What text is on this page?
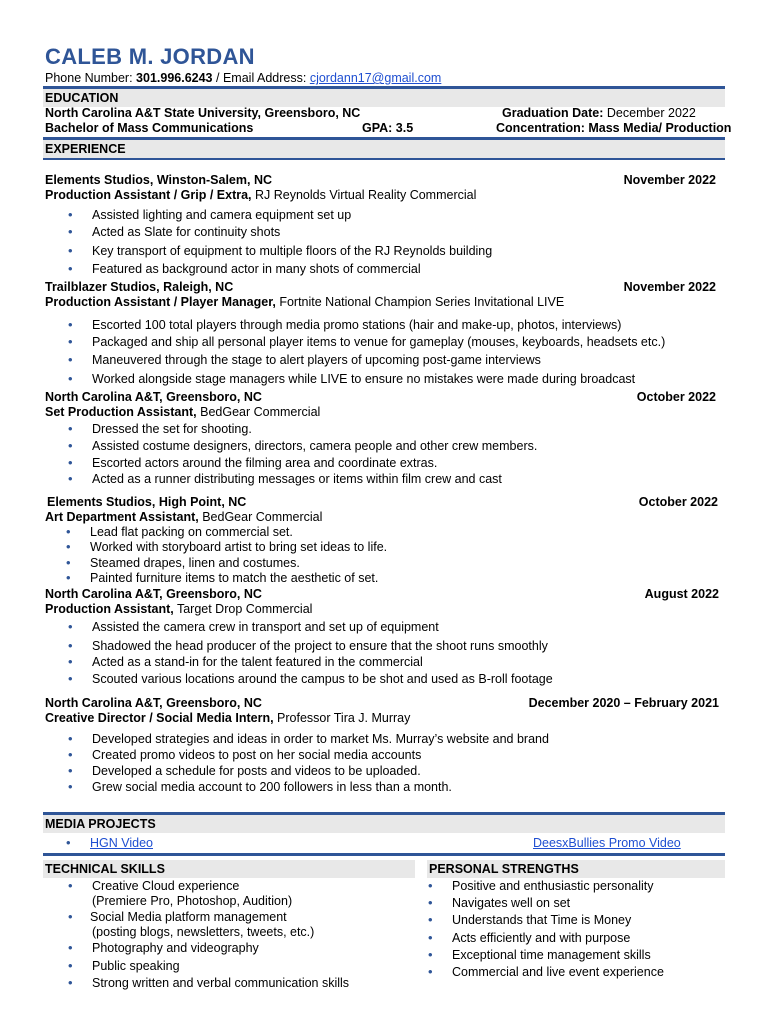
CALEB M. JORDAN
Phone Number: 301.996.6243 / Email Address: cjordann17@gmail.com
EDUCATION
North Carolina A&T State University, Greensboro, NC	Graduation Date: December 2022
Bachelor of Mass Communications	GPA: 3.5	Concentration: Mass Media/ Production
EXPERIENCE
Elements Studios, Winston-Salem, NC	November 2022
Production Assistant / Grip / Extra, RJ Reynolds Virtual Reality Commercial
• Assisted lighting and camera equipment set up
• Acted as Slate for continuity shots
• Key transport of equipment to multiple floors of the RJ Reynolds building
• Featured as background actor in many shots of commercial
Trailblazer Studios, Raleigh, NC	November 2022
Production Assistant / Player Manager, Fortnite National Champion Series Invitational LIVE
• Escorted 100 total players through media promo stations (hair and make-up, photos, interviews)
• Packaged and ship all personal player items to venue for gameplay (mouses, keyboards, headsets etc.)
• Maneuvered through the stage to alert players of upcoming post-game interviews
• Worked alongside stage managers while LIVE to ensure no mistakes were made during broadcast
North Carolina A&T, Greensboro, NC	October 2022
Set Production Assistant, BedGear Commercial
• Dressed the set for shooting.
• Assisted costume designers, directors, camera people and other crew members.
• Escorted actors around the filming area and coordinate extras.
• Acted as a runner distributing messages or items within film crew and cast
Elements Studios, High Point, NC	October 2022
Art Department Assistant, BedGear Commercial
• Lead flat packing on commercial set.
• Worked with storyboard artist to bring set ideas to life.
• Steamed drapes, linen and costumes.
• Painted furniture items to match the aesthetic of set.
North Carolina A&T, Greensboro, NC	August 2022
Production Assistant, Target Drop Commercial
• Assisted the camera crew in transport and set up of equipment
• Shadowed the head producer of the project to ensure that the shoot runs smoothly
• Acted as a stand-in for the talent featured in the commercial
• Scouted various locations around the campus to be shot and used as B-roll footage
North Carolina A&T, Greensboro, NC	December 2020 – February 2021
Creative Director / Social Media Intern, Professor Tira J. Murray
• Developed strategies and ideas in order to market Ms. Murray’s website and brand
• Created promo videos to post on her social media accounts
• Developed a schedule for posts and videos to be uploaded.
• Grew social media account to 200 followers in less than a month.
MEDIA PROJECTS
• HGN Video	DeesxBullies Promo Video
TECHNICAL SKILLS	PERSONAL STRENGTHS
• Creative Cloud experience
(Premiere Pro, Photoshop, Audition)
• Social Media platform management
(posting blogs, newsletters, tweets, etc.)
• Photography and videography
• Public speaking
• Strong written and verbal communication skills
• Positive and enthusiastic personality
• Navigates well on set
• Understands that Time is Money
• Acts efficiently and with purpose
• Exceptional time management skills
• Commercial and live event experience
